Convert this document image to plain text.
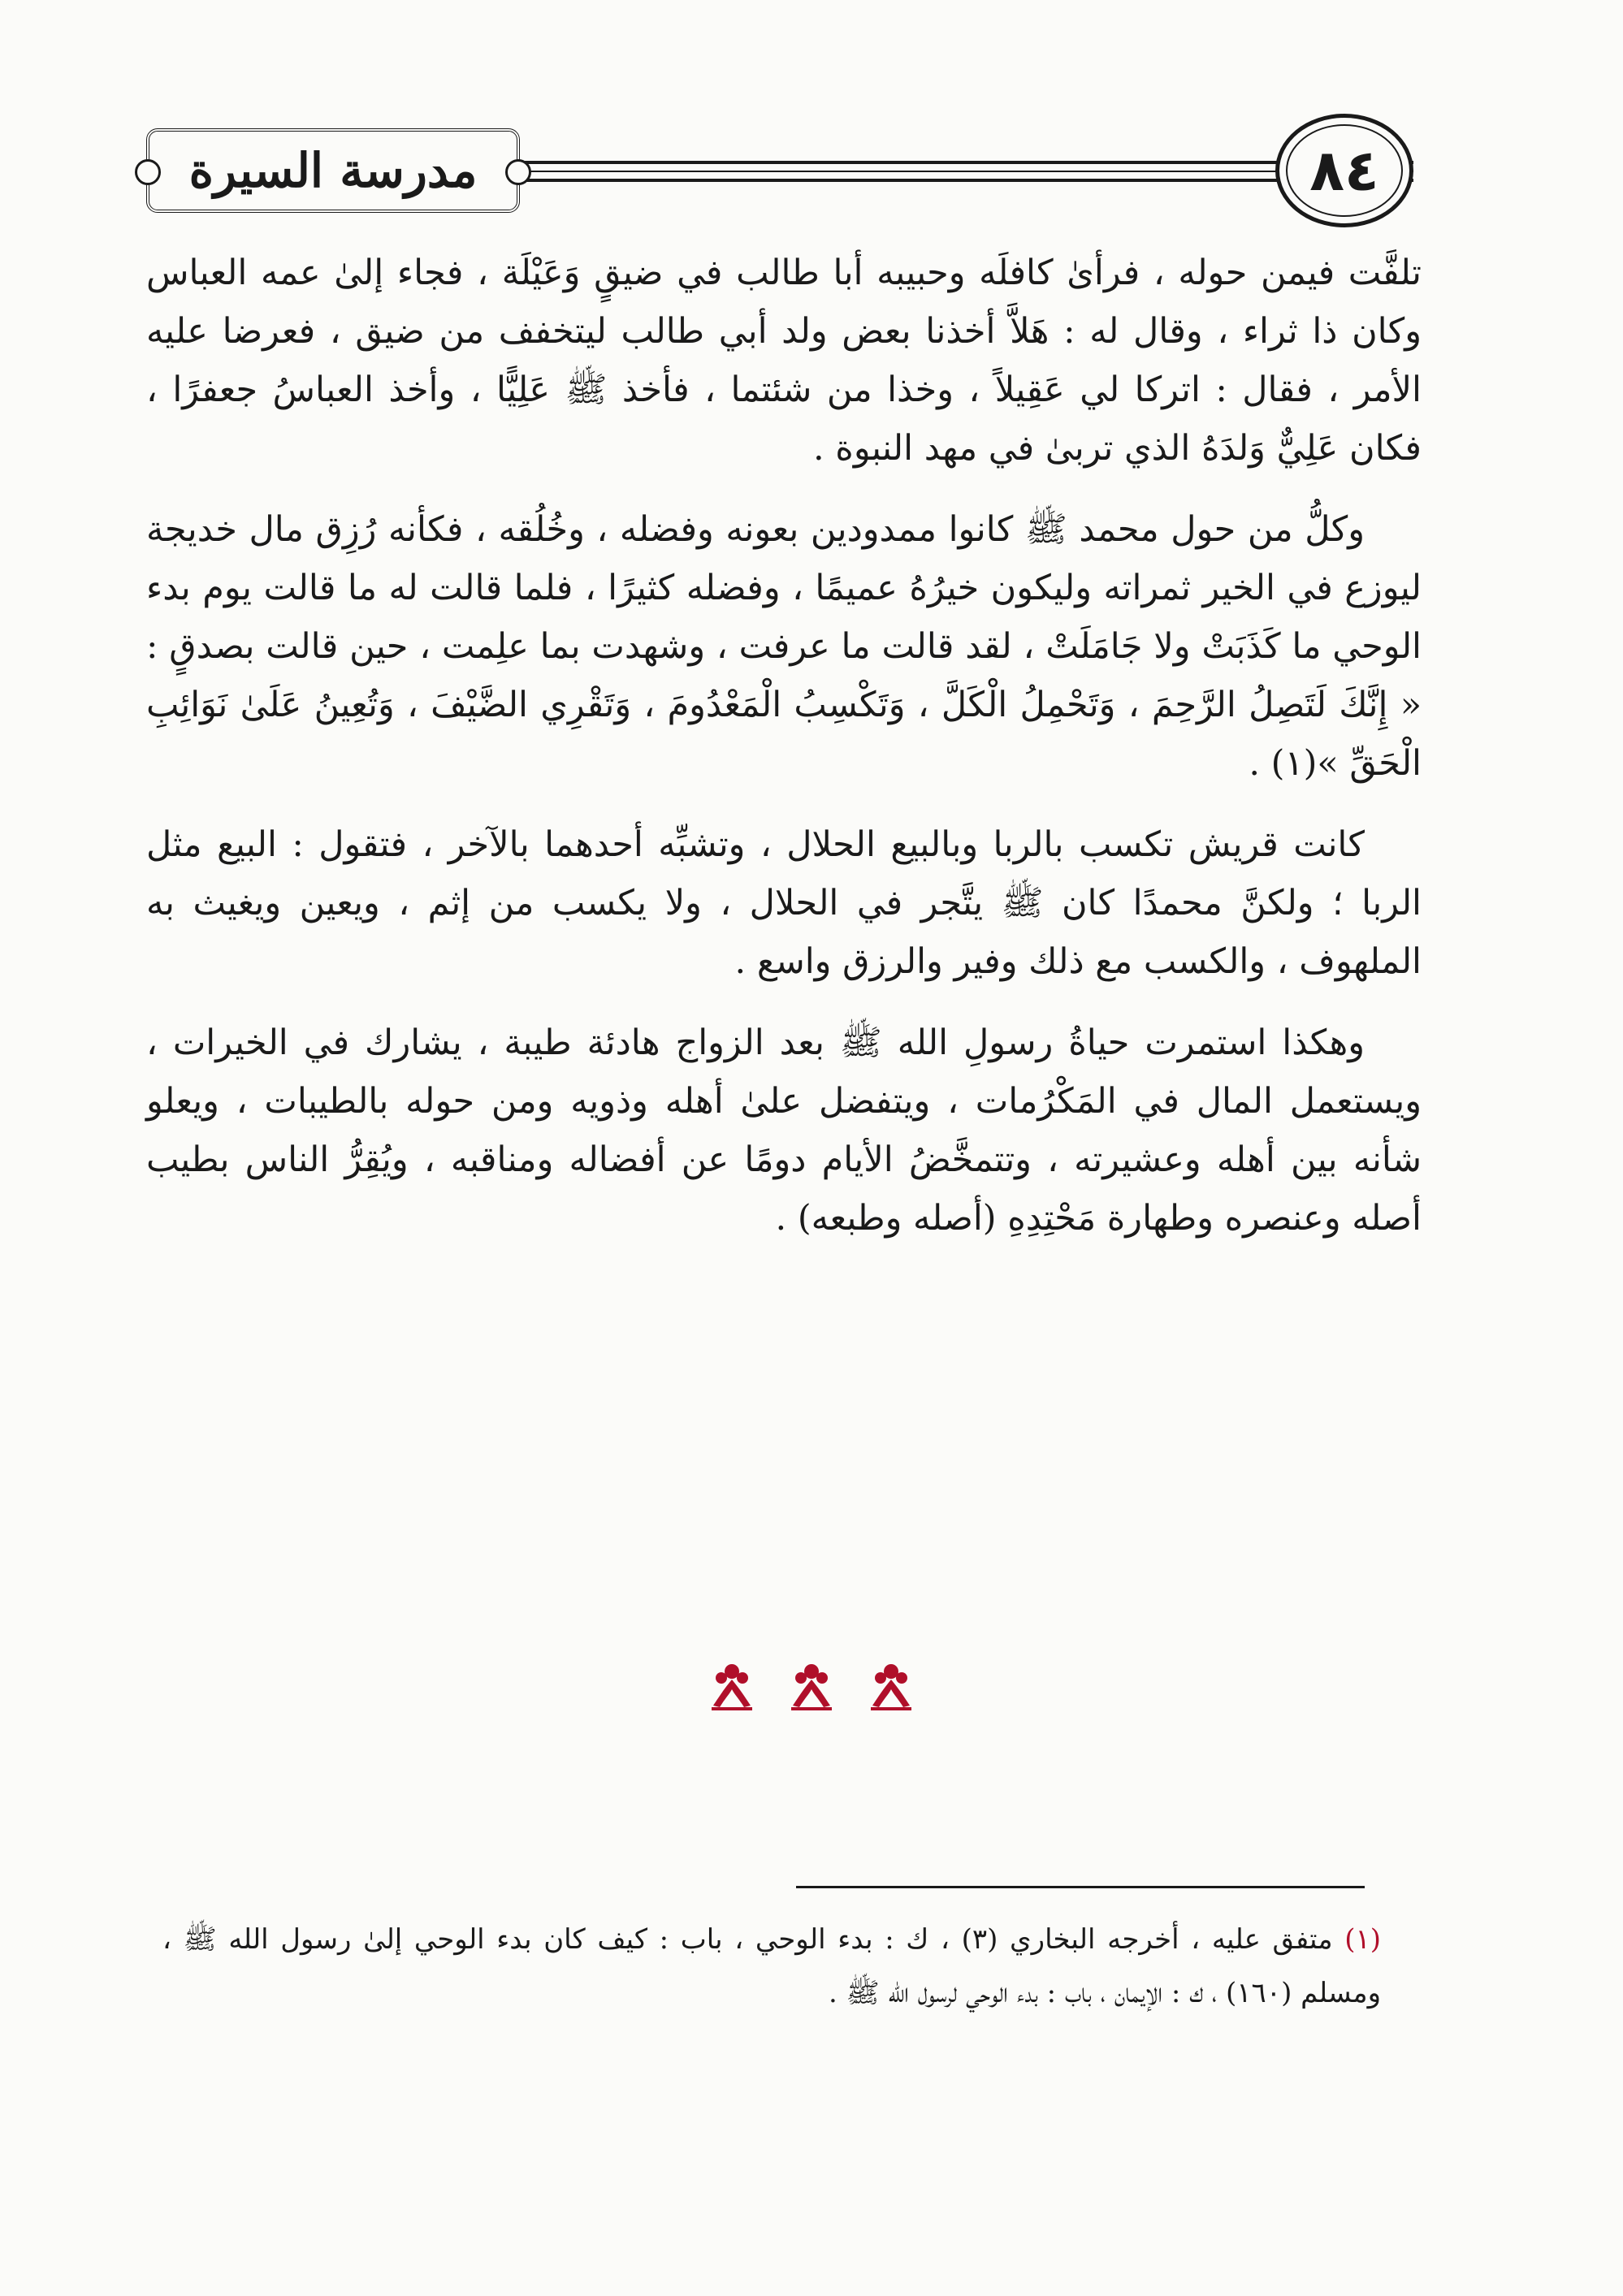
مدرسة السيرة	٨٤

تلفَّت فيمن حوله ، فرأىٰ كافلَه وحبيبه أبا طالب في ضيقٍ وَعَيْلَة ، فجاء إلىٰ عمه العباس وكان ذا ثراء ، وقال له : هَلاَّ أخذنا بعض ولد أبي طالب ليتخفف من ضيق ، فعرضا عليه الأمر ، فقال : اتركا لي عَقِيلاً ، وخذا من شئتما ، فأخذ ﷺ عَلِيًّا ، وأخذ العباسُ جعفرًا ، فكان عَلِيٌّ وَلدَهُ الذي تربىٰ في مهد النبوة .

وكلُّ من حول محمد ﷺ كانوا ممدودين بعونه وفضله ، وخُلُقه ، فكأنه رُزِق مال خديجة ليوزع في الخير ثمراته وليكون خيرُهُ عميمًا ، وفضله كثيرًا ، فلما قالت له ما قالت يوم بدء الوحي ما كَذَبَتْ ولا جَامَلَتْ ، لقد قالت ما عرفت ، وشهدت بما علِمت ، حين قالت بصدقٍ : « إِنَّكَ لَتَصِلُ الرَّحِمَ ، وَتَحْمِلُ الْكَلَّ ، وَتَكْسِبُ الْمَعْدُومَ ، وَتَقْرِي الضَّيْفَ ، وَتُعِينُ عَلَىٰ نَوَائِبِ الْحَقِّ »(١) .

كانت قريش تكسب بالربا وبالبيع الحلال ، وتشبِّه أحدهما بالآخر ، فتقول : البيع مثل الربا ؛ ولكنَّ محمدًا كان ﷺ يتَّجر في الحلال ، ولا يكسب من إثم ، ويعين ويغيث به الملهوف ، والكسب مع ذلك وفير والرزق واسع .

وهكذا استمرت حياةُ رسولِ الله ﷺ بعد الزواج هادئة طيبة ، يشارك في الخيرات ، ويستعمل المال في المَكْرُمات ، ويتفضل علىٰ أهله وذويه ومن حوله بالطيبات ، ويعلو شأنه بين أهله وعشيرته ، وتتمخَّضُ الأيام دومًا عن أفضاله ومناقبه ، ويُقِرُّ الناس بطيب أصله وعنصره وطهارة مَحْتِدِهِ (أصله وطبعه) .

(١) متفق عليه ، أخرجه البخاري (٣) ، ك : بدء الوحي ، باب : كيف كان بدء الوحي إلىٰ رسول الله ﷺ ، ومسلم (١٦٠) ، ك : الإيمان ، باب : بدء الوحي لرسول الله ﷺ .
